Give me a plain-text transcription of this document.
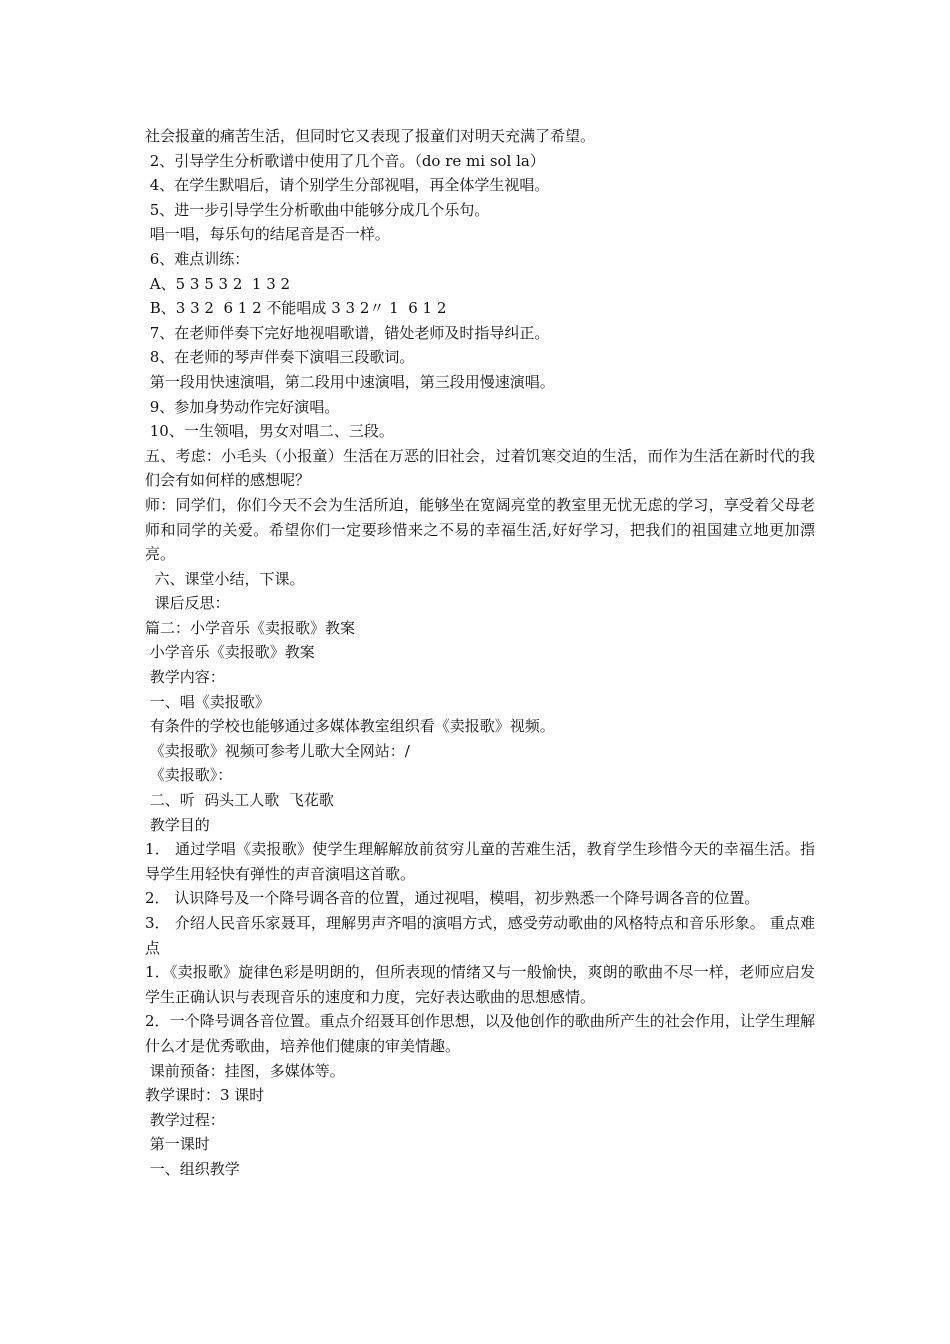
社会报童的痛苦生活，但同时它又表现了报童们对明天充满了希望。
2、引导学生分析歌谱中使用了几个音。（do re mi sol la）
4、在学生默唱后，请个别学生分部视唱，再全体学生视唱。
5、进一步引导学生分析歌曲中能够分成几个乐句。
唱一唱，每乐句的结尾音是否一样。
6、难点训练：
A、5 3 5 3 2  1 3 2
B、3 3 2  6 1 2 不能唱成 3 3 2〃 1  6 1 2
7、在老师伴奏下完好地视唱歌谱，错处老师及时指导纠正。
8、在老师的琴声伴奏下演唱三段歌词。
第一段用快速演唱，第二段用中速演唱，第三段用慢速演唱。
9、参加身势动作完好演唱。
10、一生领唱，男女对唱二、三段。
五、考虑：小毛头（小报童）生活在万恶的旧社会，过着饥寒交迫的生活，而作为生活在新时代的我们会有如何样的感想呢？
师：同学们，你们今天不会为生活所迫，能够坐在宽阔亮堂的教室里无忧无虑的学习，享受着父母老师和同学的关爱。希望你们一定要珍惜来之不易的幸福生活,好好学习，把我们的祖国建立地更加漂亮。
六、课堂小结，下课。
课后反思：
篇二：小学音乐《卖报歌》教案
小学音乐《卖报歌》教案
教学内容：
一、唱《卖报歌》
有条件的学校也能够通过多媒体教室组织看《卖报歌》视频。
《卖报歌》视频可参考儿歌大全网站：/
《卖报歌》：
二、听  码头工人歌  飞花歌
教学目的
1． 通过学唱《卖报歌》使学生理解解放前贫穷儿童的苦难生活，教育学生珍惜今天的幸福生活。指导学生用轻快有弹性的声音演唱这首歌。
2． 认识降号及一个降号调各音的位置，通过视唱，模唱，初步熟悉一个降号调各音的位置。
3． 介绍人民音乐家聂耳，理解男声齐唱的演唱方式，感受劳动歌曲的风格特点和音乐形象。 重点难点
1．《卖报歌》旋律色彩是明朗的，但所表现的情绪又与一般愉快，爽朗的歌曲不尽一样，老师应启发学生正确认识与表现音乐的速度和力度，完好表达歌曲的思想感情。
2．一个降号调各音位置。重点介绍聂耳创作思想，以及他创作的歌曲所产生的社会作用，让学生理解什么才是优秀歌曲，培养他们健康的审美情趣。
课前预备：挂图，多媒体等。
教学课时：3 课时
教学过程：
第一课时
一、组织教学
